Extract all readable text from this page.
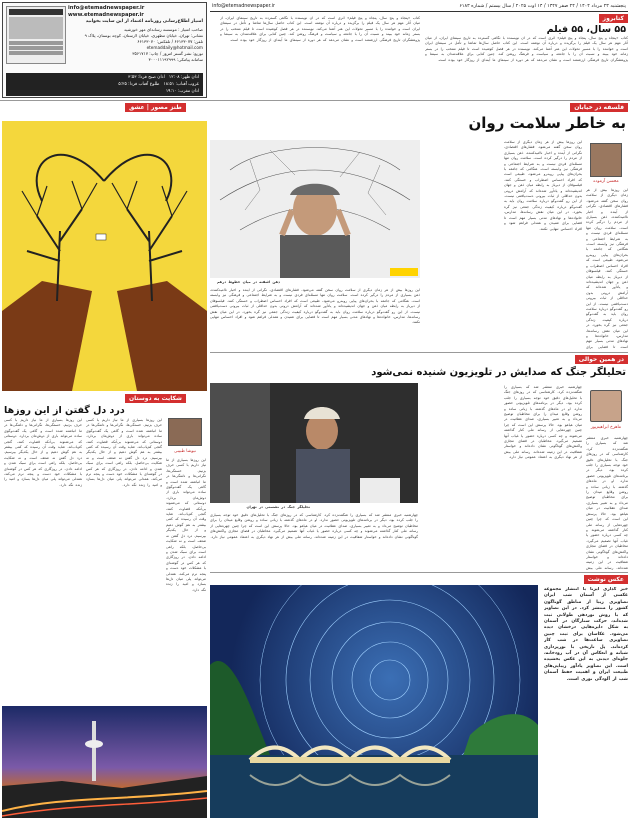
info@etemadnewspaper.ir
www.etemadnewspaper.ir
امتیاز اطلاع‌رسانی روزنامه اعتماد از این سایت بخوانید
صاحب امتیاز : موسسه رسانه‌ای مهر خورشید
نشانی: تهران، خیابان مطهری، خیابان لارستان، کوچه بوستان، پلاک ۹
تلفن: ۶۶۱۳۳۰۷۷ / تلفکس: ۶۶۱۳۳۰۷۰
etemaddaily@hotmail.com
توزیع: نشر گستر امروز / چاپ: ۳۵۶۱۷۱۷
سامانه پیامکی: ۳۰۰۰۱۱۱۹۲۹۹۹
اذان ظهر: ۱۲:۰۸   اذان صبح فردا: ۳:۵۳
غروب آفتاب: ۱۸:۵۱   طلوع آفتاب فردا: ۵:۲۵
اذان مغرب: ۱۹:۱۰
پنجشنبه ۲۳ مرداد ۱۴۰۴ / ۲۴ صفر ۱۴۴۷ / ۱۴ اوت ۲۰۲۵ / سال بیستم / شماره ۶۱۸۳
info@etemadnewspaper.ir
کتابروز
۵۵ سال، ۵۵ فیلم
کتاب «پنجاه و پنج سال، پنجاه و پنج فیلم» اثری است که در آن نویسنده با نگاهی گسترده به تاریخ سینمای ایران، از میان آثار مهم هر سال یک فیلم را برگزیده و درباره آن نوشته است. این کتاب حاصل سال‌ها تماشا و تأمل در سینمای ایران است و خواننده را با مسیر تحولات این هنر آشنا می‌کند. نویسنده در هر فصل کوشیده است تا فیلم منتخب را در بستر زمانه خود ببیند و نسبت آن را با جامعه و سیاست و فرهنگ روشن کند. چنین کتابی برای علاقه‌مندان به سینما و پژوهشگران تاریخ فرهنگی ارزشمند است و نشان می‌دهد که هر دوره از سینمای ما آینه‌ای از روزگار خود بوده است.
کتاب «پنجاه و پنج سال، پنجاه و پنج فیلم» اثری است که در آن نویسنده با نگاهی گسترده به تاریخ سینمای ایران، از میان آثار مهم هر سال یک فیلم را برگزیده و درباره آن نوشته است. این کتاب حاصل سال‌ها تماشا و تأمل در سینمای ایران است و خواننده را با مسیر تحولات این هنر آشنا می‌کند. نویسنده در هر فصل کوشیده است تا فیلم منتخب را در بستر زمانه خود ببیند و نسبت آن را با جامعه و سیاست و فرهنگ روشن کند. چنین کتابی برای علاقه‌مندان به سینما و پژوهشگران تاریخ فرهنگی ارزشمند است و نشان می‌دهد که هر دوره از سینمای ما آینه‌ای از روزگار خود بوده است.
طنز مصور | عشق
شکایت به دوستان
درد دل گفتن از این روزها
نیوشا طبیبی
این روزها بسیاری از ما نیاز داریم با کسی حرف بزنیم. خستگی‌ها، نگرانی‌ها و دلتنگی‌ها در ما انباشته شده است و گاهی یک گفت‌وگوی ساده می‌تواند باری از دوش‌مان بردارد. دوستانی که می‌شنوند بی‌آنکه قضاوت کنند، گنجی کم‌یاب‌اند. شاید وقت آن رسیده که کمی بیشتر به هم گوش دهیم و از حال یکدیگر بپرسیم. درد دل گفتن نه ضعف است و نه شکایت بی‌حاصل، بلکه راهی است برای سبک شدن و ادامه دادن. در روزگاری که هر کس در گوشه‌ای با مشکلات خود دست و پنجه نرم می‌کند، همدلی می‌تواند پلی میان دل‌ها بسازد و امید را زنده نگه دارد.
این روزها بسیاری از ما نیاز داریم با کسی حرف بزنیم. خستگی‌ها، نگرانی‌ها و دلتنگی‌ها در ما انباشته شده است و گاهی یک گفت‌وگوی ساده می‌تواند باری از دوش‌مان بردارد. دوستانی که می‌شنوند بی‌آنکه قضاوت کنند، گنجی کم‌یاب‌اند. شاید وقت آن رسیده که کمی بیشتر به هم گوش دهیم و از حال یکدیگر بپرسیم. درد دل گفتن نه ضعف است و نه شکایت بی‌حاصل، بلکه راهی است برای سبک شدن و ادامه دادن. در روزگاری که هر کس در گوشه‌ای با مشکلات خود دست و پنجه نرم می‌کند، همدلی می‌تواند پلی میان دل‌ها بسازد و امید را زنده نگه دارد.
این روزها بسیاری از ما نیاز داریم با کسی حرف بزنیم. خستگی‌ها، نگرانی‌ها و دلتنگی‌ها در ما انباشته شده است و گاهی یک گفت‌وگوی ساده می‌تواند باری از دوش‌مان بردارد. دوستانی که می‌شنوند بی‌آنکه قضاوت کنند، گنجی کم‌یاب‌اند. شاید وقت آن رسیده که کمی بیشتر به هم گوش دهیم و از حال یکدیگر بپرسیم. درد دل گفتن نه ضعف است و نه شکایت بی‌حاصل، بلکه راهی است برای سبک شدن و ادامه دادن. در روزگاری که هر کس در گوشه‌ای با مشکلات خود دست و پنجه نرم می‌کند، همدلی می‌تواند پلی میان دل‌ها بسازد و امید را زنده نگه دارد.
فلسفه در خیابان
به خاطر سلامت روان
محسن آزموده
این روزها بیش از هر زمان دیگری از سلامت روان سخن گفته می‌شود. فشارهای اقتصادی، نگرانی از آینده و اخبار ناامیدکننده، ذهن بسیاری از مردم را درگیر کرده است. سلامت روان تنها مسئله‌ای فردی نیست و به شرایط اجتماعی و فرهنگی نیز وابسته است. هنگامی که جامعه با بحران‌های پیاپی روبه‌رو می‌شود، طبیعی است که افراد احساس اضطراب و خستگی کنند. فیلسوفان از دیرباز به رابطه میان ذهن و جهان اندیشیده‌اند و یادآور شده‌اند که آرامش درونی بدون حداقلی از ثبات بیرونی دست‌یافتنی نیست. از این رو گفت‌وگو درباره سلامت روان باید به گفت‌وگو درباره کیفیت زندگی جمعی نیز گره بخورد. در این میان نقش رسانه‌ها، مدارس، خانواده‌ها و نهادهای مدنی بسیار مهم است تا فضایی برای شنیدن و همدلی فراهم شود و افراد احساس تنهایی نکنند.
این روزها بیش از هر زمان دیگری از سلامت روان سخن گفته می‌شود. فشارهای اقتصادی، نگرانی از آینده و اخبار ناامیدکننده، ذهن بسیاری از مردم را درگیر کرده است. سلامت روان تنها مسئله‌ای فردی نیست و به شرایط اجتماعی و فرهنگی نیز وابسته است. هنگامی که جامعه با بحران‌های پیاپی روبه‌رو می‌شود، طبیعی است که افراد احساس اضطراب و خستگی کنند. فیلسوفان از دیرباز به رابطه میان ذهن و جهان اندیشیده‌اند و یادآور شده‌اند که آرامش درونی بدون حداقلی از ثبات بیرونی دست‌یافتنی نیست. از این رو گفت‌وگو درباره سلامت روان باید به گفت‌وگو درباره کیفیت زندگی جمعی نیز گره بخورد. در این میان نقش رسانه‌ها، مدارس، خانواده‌ها و نهادهای مدنی بسیار مهم است تا فضایی برای
ذهن آشفته در میان خطوط درهم
این روزها بیش از هر زمان دیگری از سلامت روان سخن گفته می‌شود. فشارهای اقتصادی، نگرانی از آینده و اخبار ناامیدکننده، ذهن بسیاری از مردم را درگیر کرده است. سلامت روان تنها مسئله‌ای فردی نیست و به شرایط اجتماعی و فرهنگی نیز وابسته است. هنگامی که جامعه با بحران‌های پیاپی روبه‌رو می‌شود، طبیعی است که افراد احساس اضطراب و خستگی کنند. فیلسوفان از دیرباز به رابطه میان ذهن و جهان اندیشیده‌اند و یادآور شده‌اند که آرامش درونی بدون حداقلی از ثبات بیرونی دست‌یافتنی نیست. از این رو گفت‌وگو درباره سلامت روان باید به گفت‌وگو درباره کیفیت زندگی جمعی نیز گره بخورد. در این میان نقش رسانه‌ها، مدارس، خانواده‌ها و نهادهای مدنی بسیار مهم است تا فضایی برای شنیدن و همدلی فراهم شود و افراد احساس تنهایی نکنند.
در همین حوالی
تحلیلگر جنگ که صدایش در تلویزیون شنیده نمی‌شود
ماهرخ ابراهیم‌پور
چهارشنبه خبری منتشر شد که بسیاری را شگفت‌زده کرد. کارشناسی که در روزهای جنگ با تحلیل‌های دقیق خود توجه بسیاری را جلب کرده بود، دیگر در برنامه‌های تلویزیونی حضور ندارد. او در ماه‌های گذشته با زبانی ساده و روشن وقایع میدان را برای مخاطبان توضیح می‌داد و به تعبیر بسیاری، صدای عقلانیت در میان هیاهو بود. حالا پرسش این است که چرا چنین چهره‌هایی از رسانه ملی کنار گذاشته می‌شوند و چه کسی درباره حضور یا غیاب آنها تصمیم می‌گیرد. مخاطبان در فضای مجازی واکنش‌های گوناگونی نشان داده‌اند و خواستار شفافیت در این زمینه شده‌اند. رسانه ملی بیش از هر نهاد دیگری به اعتماد عمومی نیاز دارد.
چهارشنبه خبری منتشر شد که بسیاری را شگفت‌زده کرد. کارشناسی که در روزهای جنگ با تحلیل‌های دقیق خود توجه بسیاری را جلب کرده بود، دیگر در برنامه‌های تلویزیونی حضور ندارد. او در ماه‌های گذشته با زبانی ساده و روشن وقایع میدان را برای مخاطبان توضیح می‌داد و به تعبیر بسیاری، صدای عقلانیت در میان هیاهو بود. حالا پرسش این است که چرا چنین چهره‌هایی از رسانه ملی کنار گذاشته می‌شوند و چه کسی درباره حضور یا غیاب آنها تصمیم می‌گیرد. مخاطبان در فضای مجازی واکنش‌های گوناگونی نشان داده‌اند و خواستار شفافیت در این زمینه شده‌اند. رسانه ملی بیش
تحلیلگر جنگ در نشستی در تهران
چهارشنبه خبری منتشر شد که بسیاری را شگفت‌زده کرد. کارشناسی که در روزهای جنگ با تحلیل‌های دقیق خود توجه بسیاری را جلب کرده بود، دیگر در برنامه‌های تلویزیونی حضور ندارد. او در ماه‌های گذشته با زبانی ساده و روشن وقایع میدان را برای مخاطبان توضیح می‌داد و به تعبیر بسیاری، صدای عقلانیت در میان هیاهو بود. حالا پرسش این است که چرا چنین چهره‌هایی از رسانه ملی کنار گذاشته می‌شوند و چه کسی درباره حضور یا غیاب آنها تصمیم می‌گیرد. مخاطبان در فضای مجازی واکنش‌های گوناگونی نشان داده‌اند و خواستار شفافیت در این زمینه شده‌اند. رسانه ملی بیش از هر نهاد دیگری به اعتماد عمومی نیاز دارد.
عکس نوشت
خبر گذاری ایرنا با انتشار مجموعه عکسی از آسمان شب ایران تصاویری زیبا از مناطق گوناگون کشور را منتشر کرد. در این تصاویر که با روش نوردهی طولانی ثبت شده‌اند، حرکت ستارگان در آسمان به شکل دایره‌هایی درخشان دیده می‌شود. عکاسان برای ثبت چنین تصاویری ساعت‌ها در شب کار کرده‌اند. پل تاریخی با نورپردازی شبانه و انعکاس آن در آب رودخانه، جلوه‌ای دیدنی به این عکس بخشیده است. این تصاویر یادآور زیبایی‌های طبیعت ایران و اهمیت حفظ آسمان شب از آلودگی نوری است.
